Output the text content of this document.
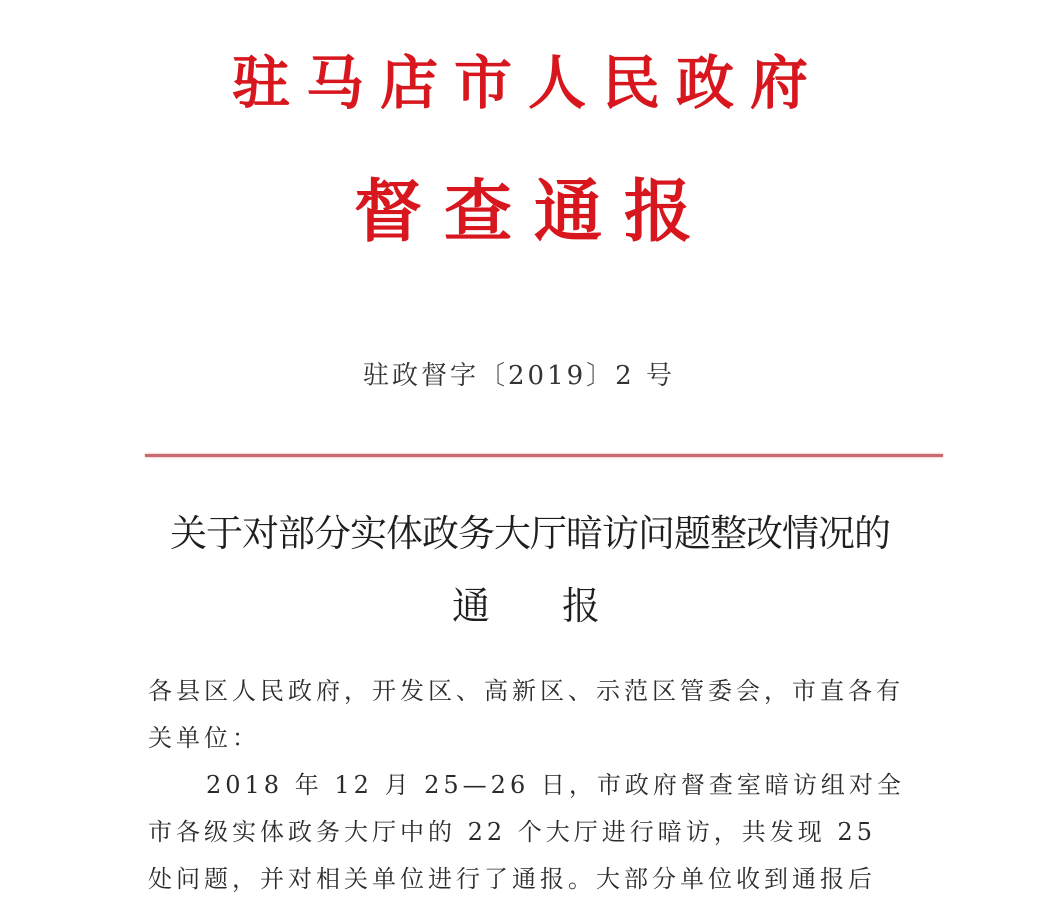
驻马店市人民政府
督查通报
驻政督字〔2019〕2 号
关于对部分实体政务大厅暗访问题整改情况的
通 报

各县区人民政府，开发区、高新区、示范区管委会，市直各有关单位：

2018 年 12 月 25—26 日，市政府督查室暗访组对全市各级实体政务大厅中的 22 个大厅进行暗访，共发现 25 处问题，并对相关单位进行了通报。大部分单位收到通报后
